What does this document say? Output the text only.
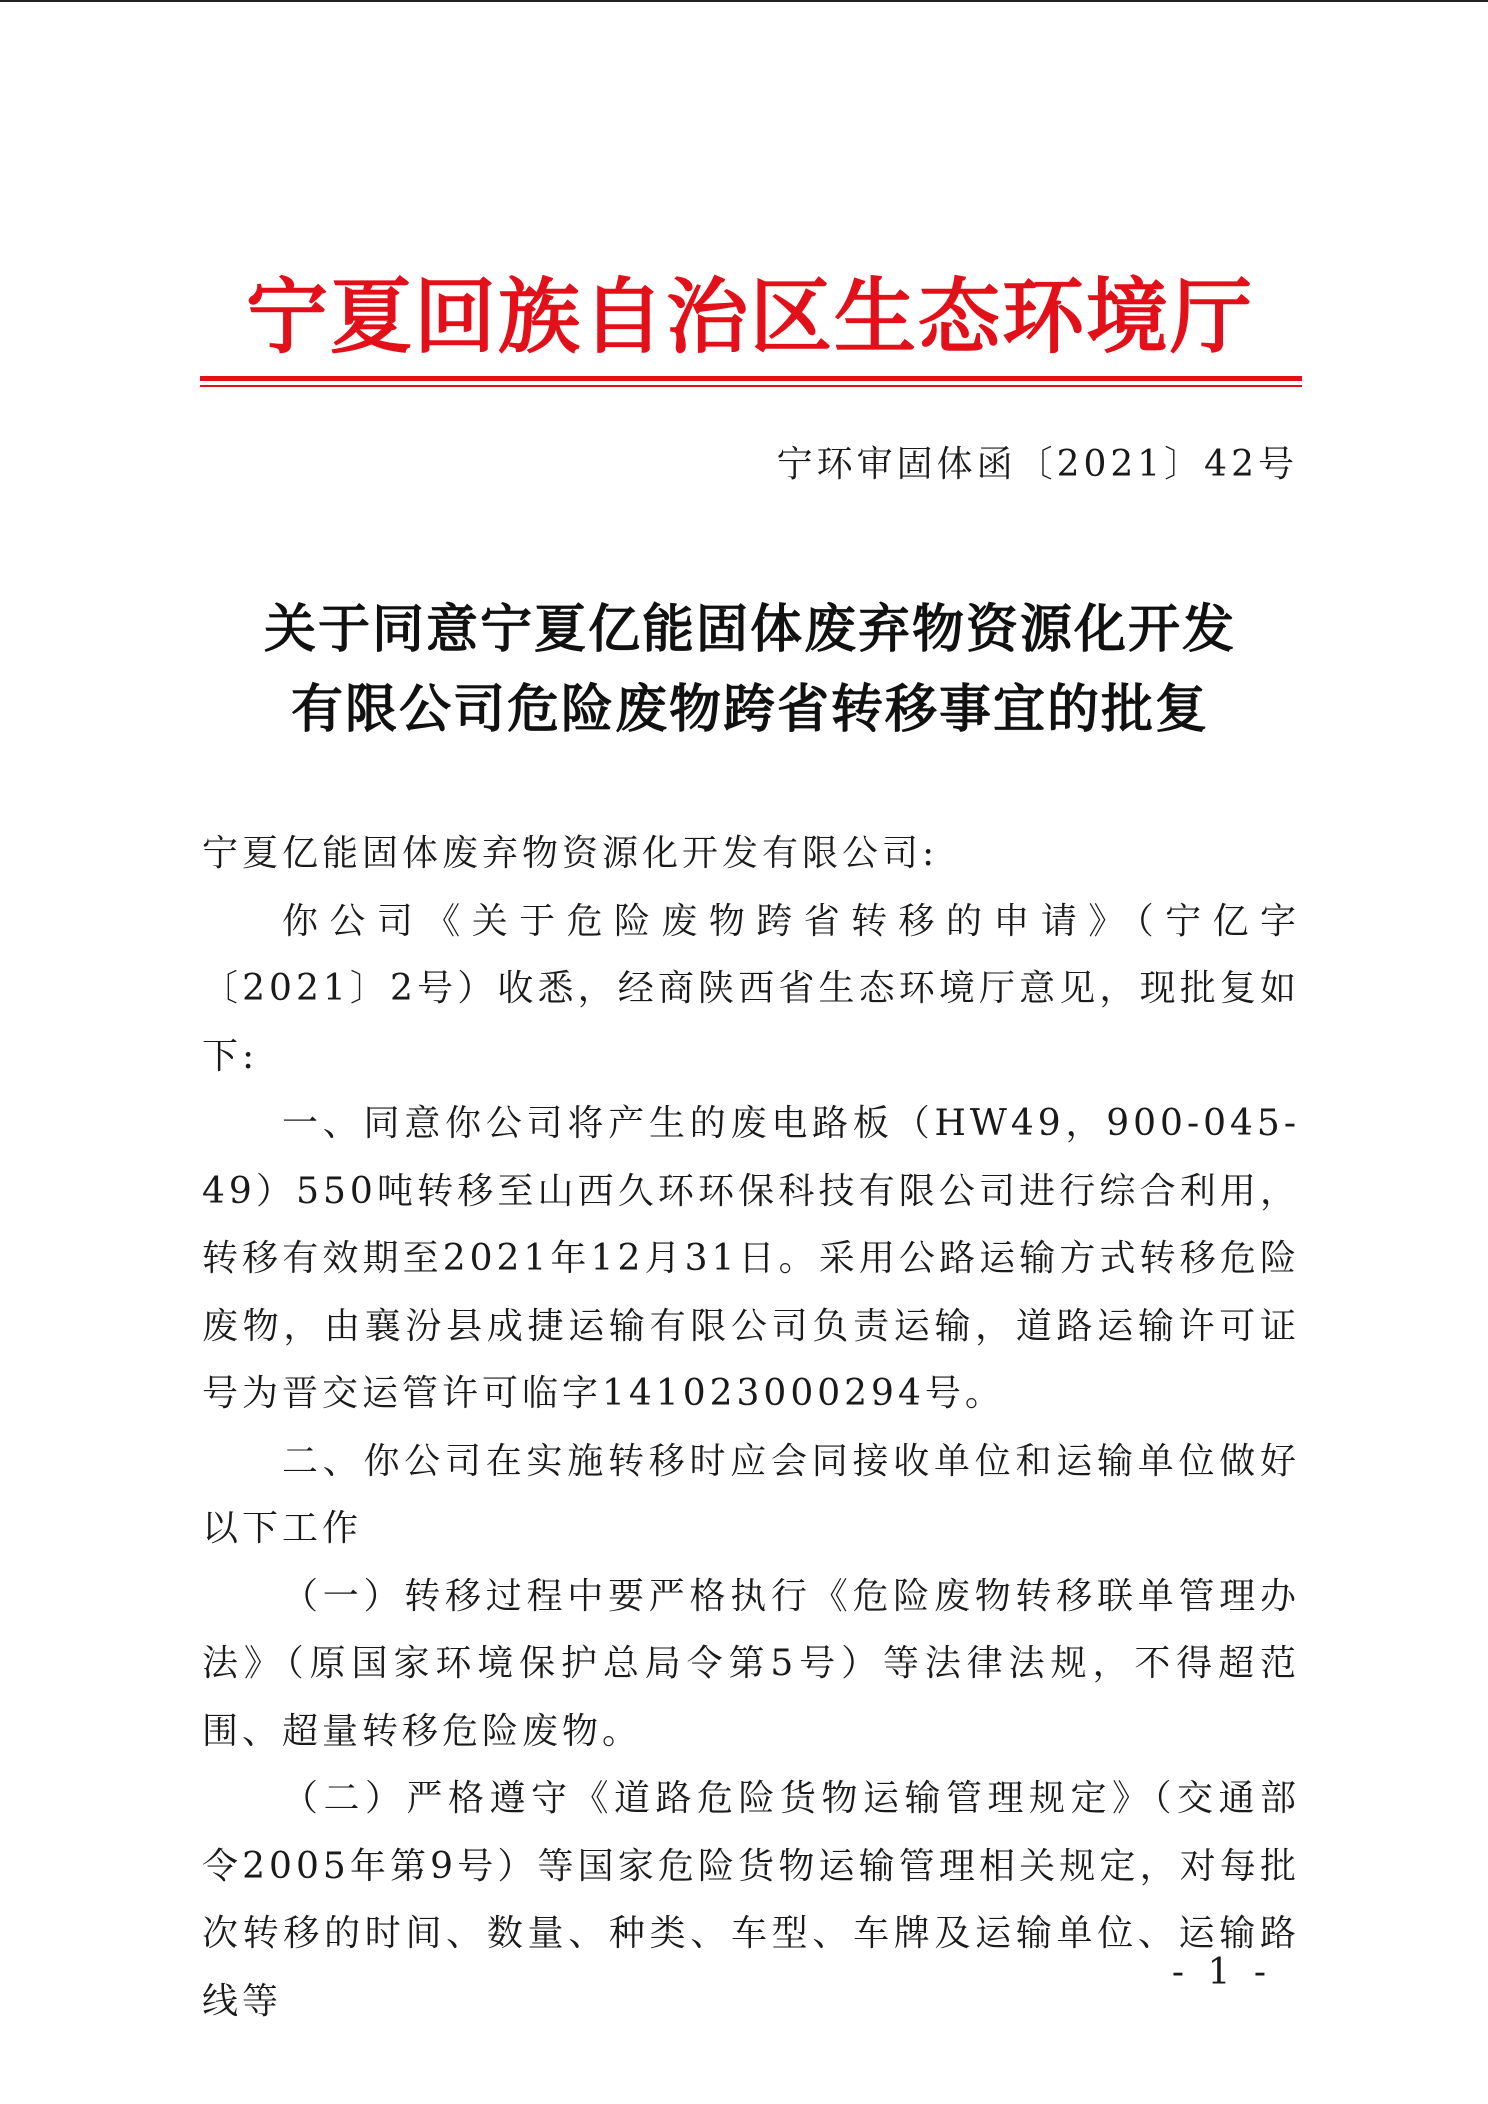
宁夏回族自治区生态环境厅
宁环审固体函〔2021〕42号
关于同意宁夏亿能固体废弃物资源化开发
有限公司危险废物跨省转移事宜的批复

宁夏亿能固体废弃物资源化开发有限公司:

你公司《关于危险废物跨省转移的申请》（宁亿字〔2021〕2号）收悉，经商陕西省生态环境厅意见，现批复如下:

一、同意你公司将产生的废电路板（HW49，900-045-49）550吨转移至山西久环环保科技有限公司进行综合利用，转移有效期至2021年12月31日。采用公路运输方式转移危险废物，由襄汾县成捷运输有限公司负责运输，道路运输许可证号为晋交运管许可临字141023000294号。

二、你公司在实施转移时应会同接收单位和运输单位做好以下工作

（一）转移过程中要严格执行《危险废物转移联单管理办法》（原国家环境保护总局令第5号）等法律法规，不得超范围、超量转移危险废物。

（二）严格遵守《道路危险货物运输管理规定》（交通部令2005年第9号）等国家危险货物运输管理相关规定，对每批次转移的时间、数量、种类、车型、车牌及运输单位、运输路线等

- 1 -
